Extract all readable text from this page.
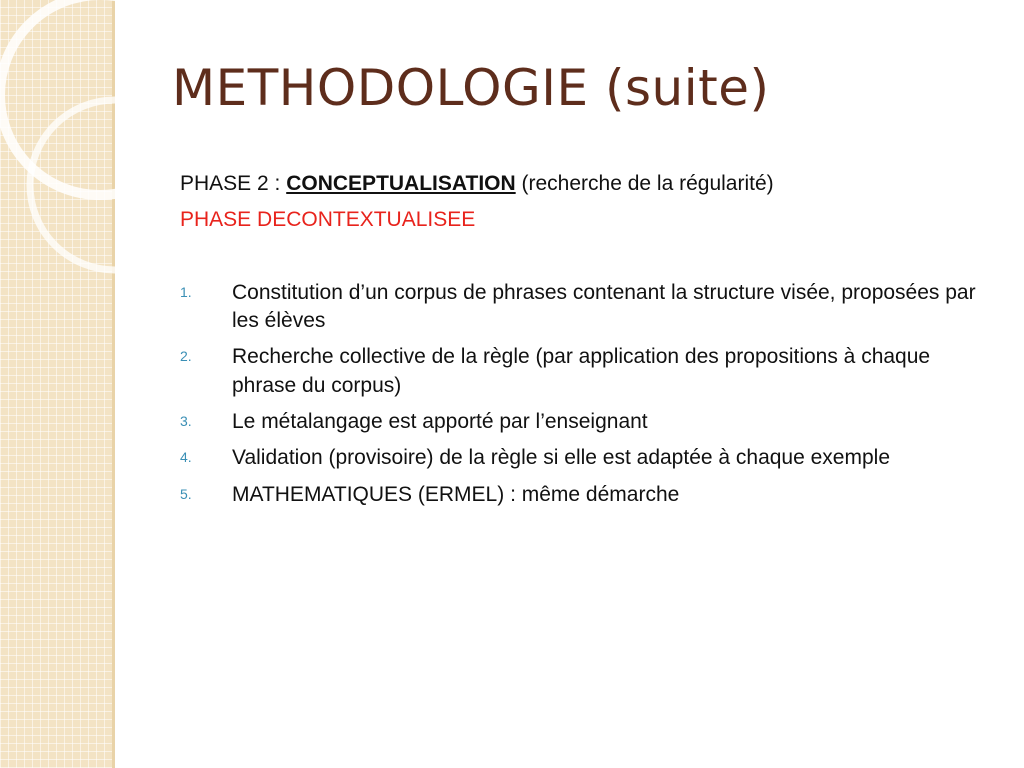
METHODOLOGIE (suite)

PHASE 2 : CONCEPTUALISATION (recherche de la régularité)

PHASE DECONTEXTUALISEE

1. Constitution d’un corpus de phrases contenant la structure visée, proposées par les élèves
2. Recherche collective de la règle (par application des propositions à chaque phrase du corpus)
3. Le métalangage est apporté par l’enseignant
4. Validation (provisoire) de la règle si elle est adaptée à chaque exemple
5. MATHEMATIQUES (ERMEL) : même démarche
